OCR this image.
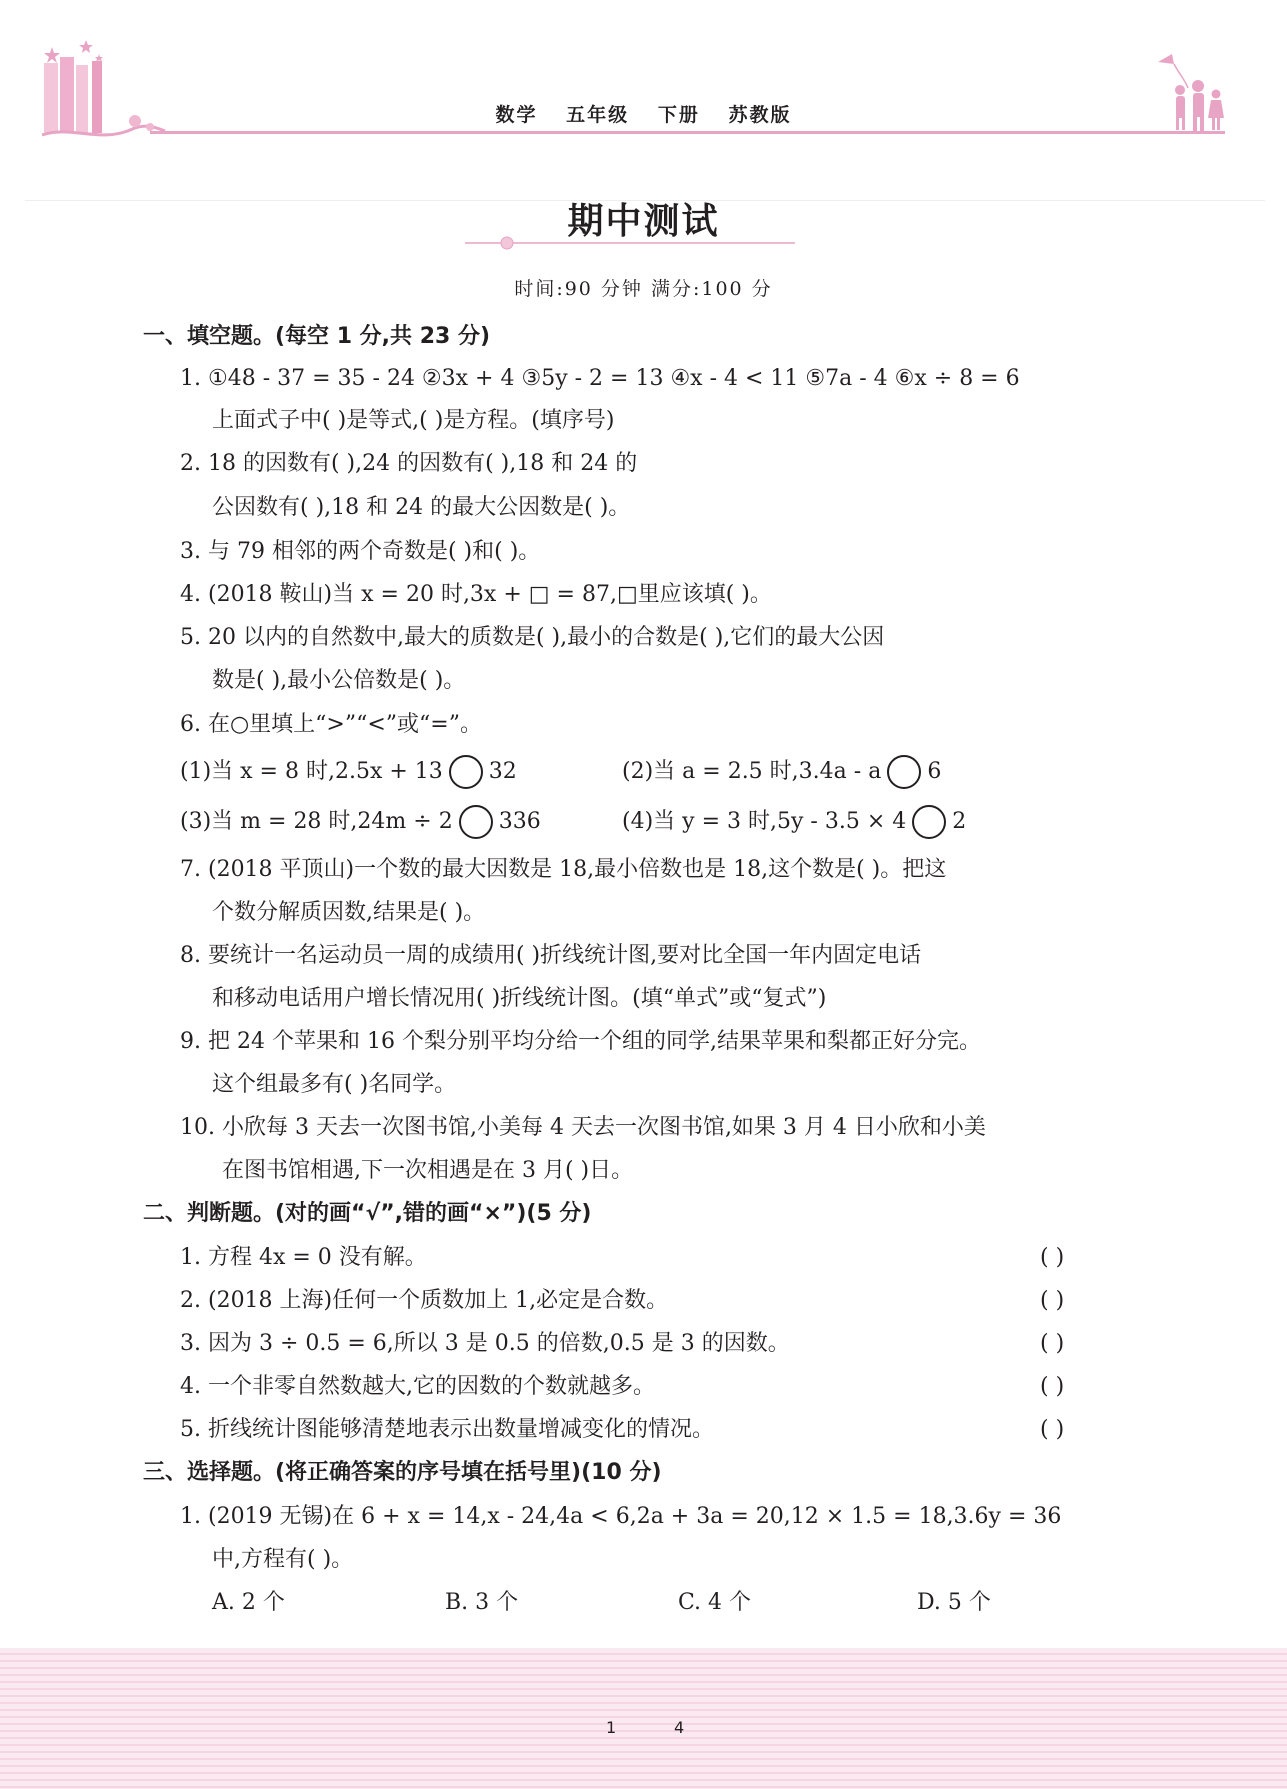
数学 五年级 下册 苏教版
期中测试
时间:90 分钟 满分:100 分
一、填空题。(每空 1 分,共 23 分)
1. ①48 - 37 = 35 - 24 ②3x + 4 ③5y - 2 = 13 ④x - 4 < 11 ⑤7a - 4 ⑥x ÷ 8 = 6
上面式子中( )是等式,( )是方程。(填序号)
2. 18 的因数有( ),24 的因数有( ),18 和 24 的
公因数有( ),18 和 24 的最大公因数是( )。
3. 与 79 相邻的两个奇数是( )和( )。
4. (2018 鞍山)当 x = 20 时,3x + □ = 87,□里应该填( )。
5. 20 以内的自然数中,最大的质数是( ),最小的合数是( ),它们的最大公因
数是( ),最小公倍数是( )。
6. 在○里填上“>”“<”或“=”。
(1)当 x = 8 时,2.5x + 13 32	(2)当 a = 2.5 时,3.4a - a 6
(3)当 m = 28 时,24m ÷ 2 336	(4)当 y = 3 时,5y - 3.5 × 4 2
7. (2018 平顶山)一个数的最大因数是 18,最小倍数也是 18,这个数是( )。把这
个数分解质因数,结果是( )。
8. 要统计一名运动员一周的成绩用( )折线统计图,要对比全国一年内固定电话
和移动电话用户增长情况用( )折线统计图。(填“单式”或“复式”)
9. 把 24 个苹果和 16 个梨分别平均分给一个组的同学,结果苹果和梨都正好分完。
这个组最多有( )名同学。
10. 小欣每 3 天去一次图书馆,小美每 4 天去一次图书馆,如果 3 月 4 日小欣和小美
在图书馆相遇,下一次相遇是在 3 月( )日。
二、判断题。(对的画“√”,错的画“×”)(5 分)
1. 方程 4x = 0 没有解。	( )
2. (2018 上海)任何一个质数加上 1,必定是合数。	( )
3. 因为 3 ÷ 0.5 = 6,所以 3 是 0.5 的倍数,0.5 是 3 的因数。	( )
4. 一个非零自然数越大,它的因数的个数就越多。	( )
5. 折线统计图能够清楚地表示出数量增减变化的情况。	( )
三、选择题。(将正确答案的序号填在括号里)(10 分)
1. (2019 无锡)在 6 + x = 14,x - 24,4a < 6,2a + 3a = 20,12 × 1.5 = 18,3.6y = 36
中,方程有( )。
A. 2 个	B. 3 个	C. 4 个	D. 5 个
1	4
